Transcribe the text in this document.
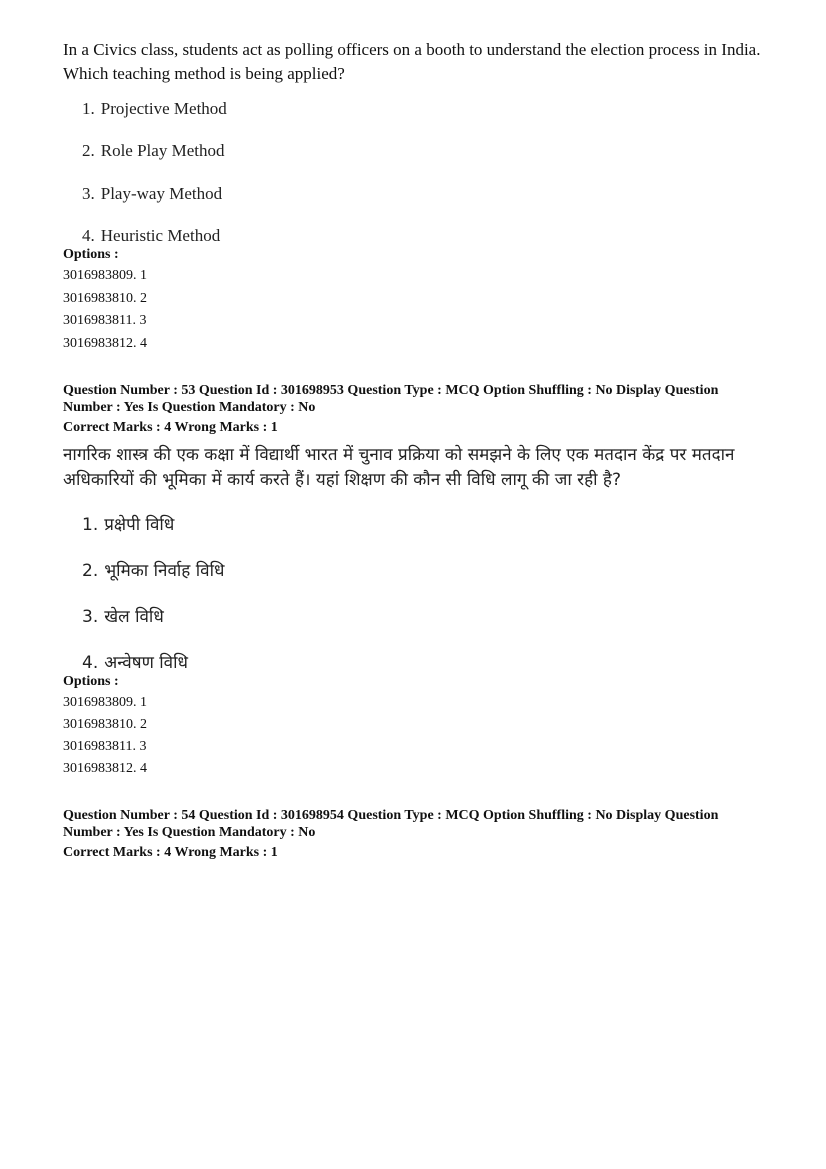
In a Civics class, students act as polling officers on a booth to understand the election process in India. Which teaching method is being applied?
1. Projective Method
2. Role Play Method
3. Play-way Method
4. Heuristic Method
Options :
3016983809. 1
3016983810. 2
3016983811. 3
3016983812. 4
Question Number : 53 Question Id : 301698953 Question Type : MCQ Option Shuffling : No Display Question
Number : Yes Is Question Mandatory : No
Correct Marks : 4 Wrong Marks : 1
नागरिक शास्त्र की एक कक्षा में विद्यार्थी भारत में चुनाव प्रक्रिया को समझने के लिए एक मतदान केंद्र पर मतदान अधिकारियों की भूमिका में कार्य करते हैं। यहां शिक्षण की कौन सी विधि लागू की जा रही है?
1. प्रक्षेपी विधि
2. भूमिका निर्वाह विधि
3. खेल विधि
4. अन्वेषण विधि
Options :
3016983809. 1
3016983810. 2
3016983811. 3
3016983812. 4
Question Number : 54 Question Id : 301698954 Question Type : MCQ Option Shuffling : No Display Question
Number : Yes Is Question Mandatory : No
Correct Marks : 4 Wrong Marks : 1
